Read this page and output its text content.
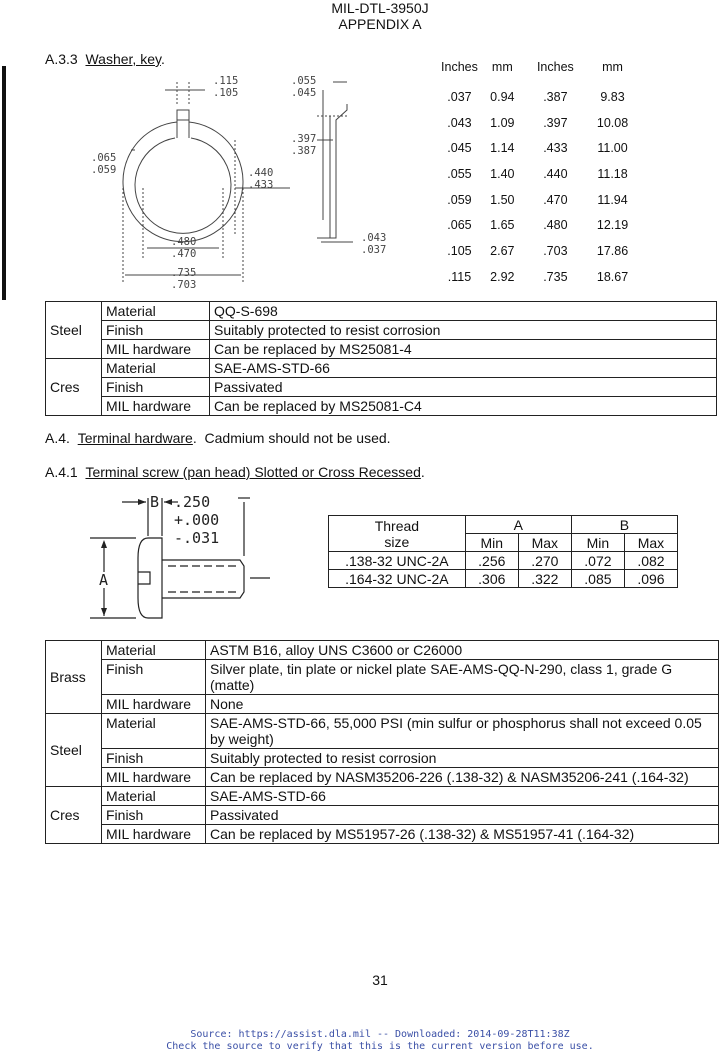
MIL-DTL-3950J
APPENDIX A
A.3.3 Washer, key.
.115
.105
.055
.045
.065
.059
.397
.387
.440
.433
.043
.037
.480
.470
.735
.703
Inches	mm	Inches	mm
.037	0.94	.387	9.83
.043	1.09	.397	10.08
.045	1.14	.433	11.00
.055	1.40	.440	11.18
.059	1.50	.470	11.94
.065	1.65	.480	12.19
.105	2.67	.703	17.86
.115	2.92	.735	18.67
Steel	Material	QQ-S-698
	Finish	Suitably protected to resist corrosion
	MIL hardware	Can be replaced by MS25081-4
Cres	Material	SAE-AMS-STD-66
	Finish	Passivated
	MIL hardware	Can be replaced by MS25081-C4
A.4. Terminal hardware.  Cadmium should not be used.
A.4.1 Terminal screw (pan head) Slotted or Cross Recessed.
B .250
+.000
-.031
A
Thread
size	A		B	
	Min	Max	Min	Max
.138-32 UNC-2A	.256	.270	.072	.082
.164-32 UNC-2A	.306	.322	.085	.096
Brass	Material	ASTM B16, alloy UNS C3600 or C26000
	Finish	Silver plate, tin plate or nickel plate SAE-AMS-QQ-N-290, class 1, grade G (matte)
	MIL hardware	None
Steel	Material	SAE-AMS-STD-66, 55,000 PSI (min sulfur or phosphorus shall not exceed 0.05 by weight)
	Finish	Suitably protected to resist corrosion
	MIL hardware	Can be replaced by NASM35206-226 (.138-32) & NASM35206-241 (.164-32)
Cres	Material	SAE-AMS-STD-66
	Finish	Passivated
	MIL hardware	Can be replaced by MS51957-26 (.138-32) & MS51957-41 (.164-32)
31
Source: https://assist.dla.mil -- Downloaded: 2014-09-28T11:38Z
Check the source to verify that this is the current version before use.
